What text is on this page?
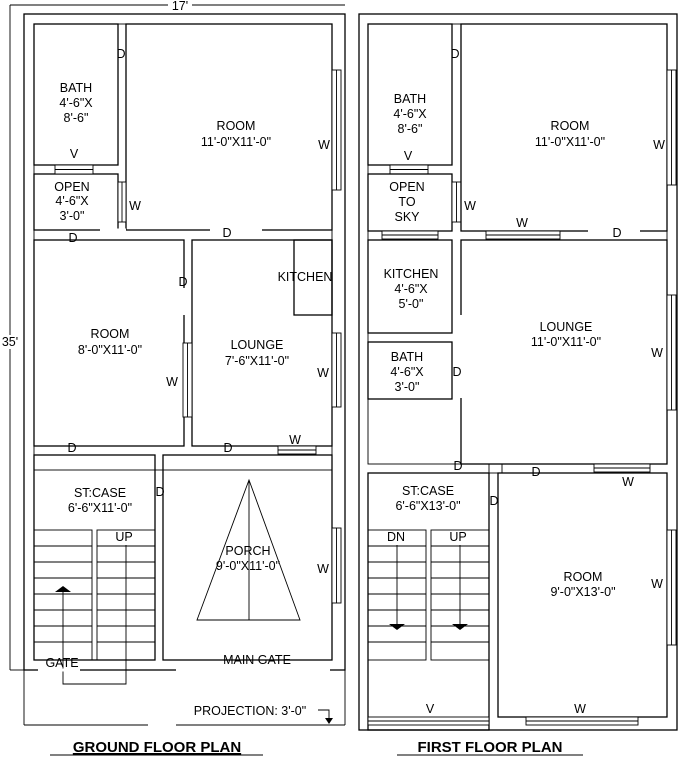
17'
35'
BATH
4'-6"X
8'-6"
V
OPEN
4'-6"X
3'-0"
ROOM
11'-0"X11'-0"
D
W
W
D	D
D
ROOM
8'-0"X11'-0"
W
KITCHEN
LOUNGE
7'-6"X11'-0"
W
D	D
W
ST:CASE
6'-6"X11'-0"
UP
D
PORCH
9'-0"X11'-0"	W
GATE	MAIN GATE
PROJECTION: 3'-0"
GROUND FLOOR PLAN
BATH
4'-6"X
8'-6"
V
D
OPEN
TO
SKY
ROOM
11'-0"X11'-0"	W
W
W
D
KITCHEN
4'-6"X
5'-0"
LOUNGE
11'-0"X11'-0"
W
BATH
4'-6"X
3'-0"
D
D	D
W
ST:CASE
6'-6"X13'-0" D
DN	UP
ROOM
9'-0"X13'-0"
W
V	W
FIRST FLOOR PLAN
